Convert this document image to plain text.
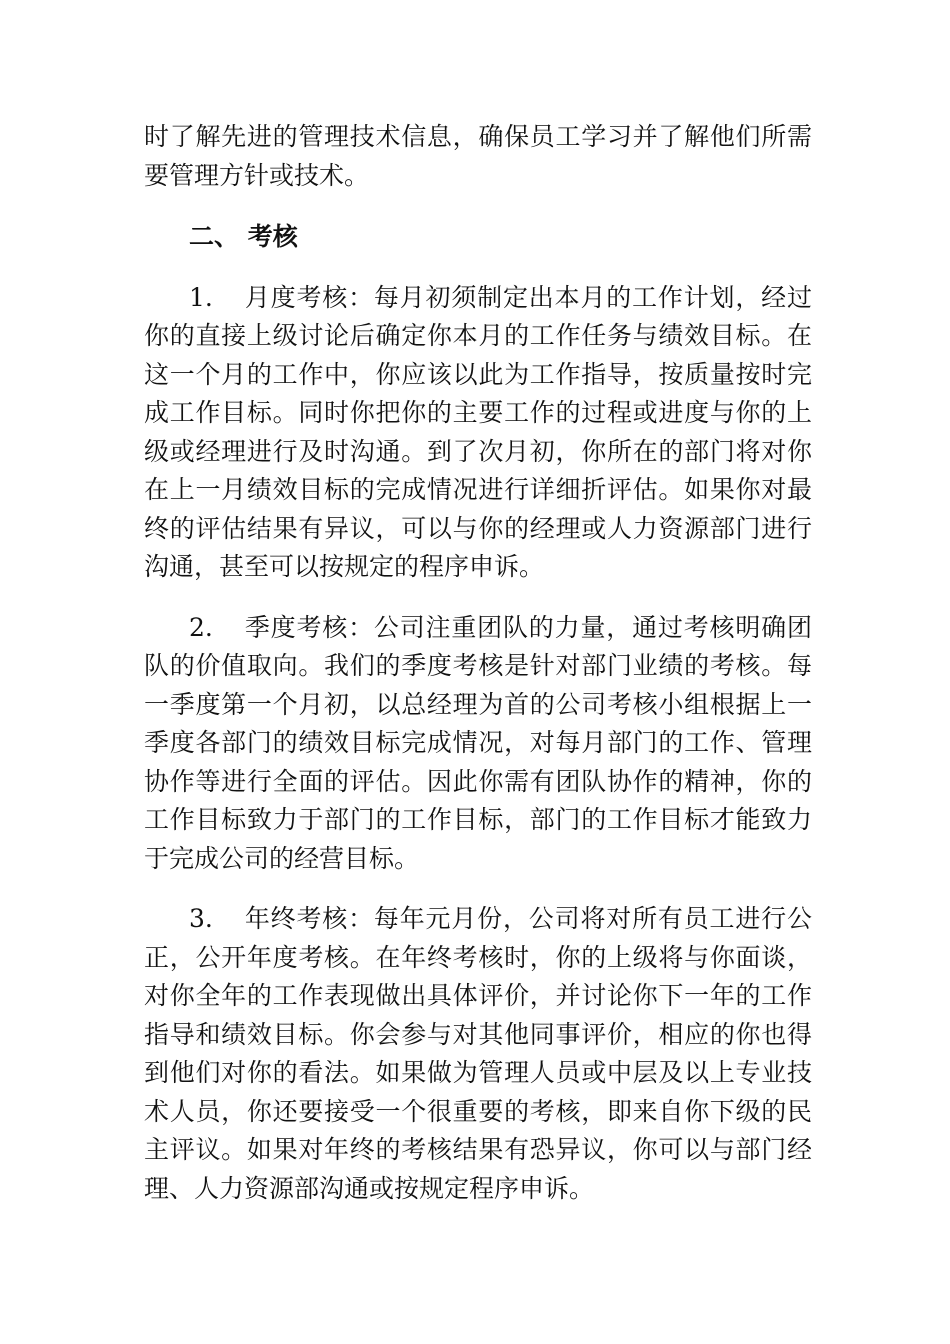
时了解先进的管理技术信息，确保员工学习并了解他们所需要管理方针或技术。

二、 考核

1. 月度考核：每月初须制定出本月的工作计划，经过你的直接上级讨论后确定你本月的工作任务与绩效目标。在这一个月的工作中，你应该以此为工作指导，按质量按时完成工作目标。同时你把你的主要工作的过程或进度与你的上级或经理进行及时沟通。到了次月初，你所在的部门将对你在上一月绩效目标的完成情况进行详细折评估。如果你对最终的评估结果有异议，可以与你的经理或人力资源部门进行沟通，甚至可以按规定的程序申诉。

2. 季度考核：公司注重团队的力量，通过考核明确团队的价值取向。我们的季度考核是针对部门业绩的考核。每一季度第一个月初，以总经理为首的公司考核小组根据上一季度各部门的绩效目标完成情况，对每月部门的工作、管理协作等进行全面的评估。因此你需有团队协作的精神，你的工作目标致力于部门的工作目标，部门的工作目标才能致力于完成公司的经营目标。

3. 年终考核：每年元月份，公司将对所有员工进行公正，公开年度考核。在年终考核时，你的上级将与你面谈，对你全年的工作表现做出具体评价，并讨论你下一年的工作指导和绩效目标。你会参与对其他同事评价，相应的你也得到他们对你的看法。如果做为管理人员或中层及以上专业技术人员，你还要接受一个很重要的考核，即来自你下级的民主评议。如果对年终的考核结果有恐异议，你可以与部门经理、人力资源部沟通或按规定程序申诉。
